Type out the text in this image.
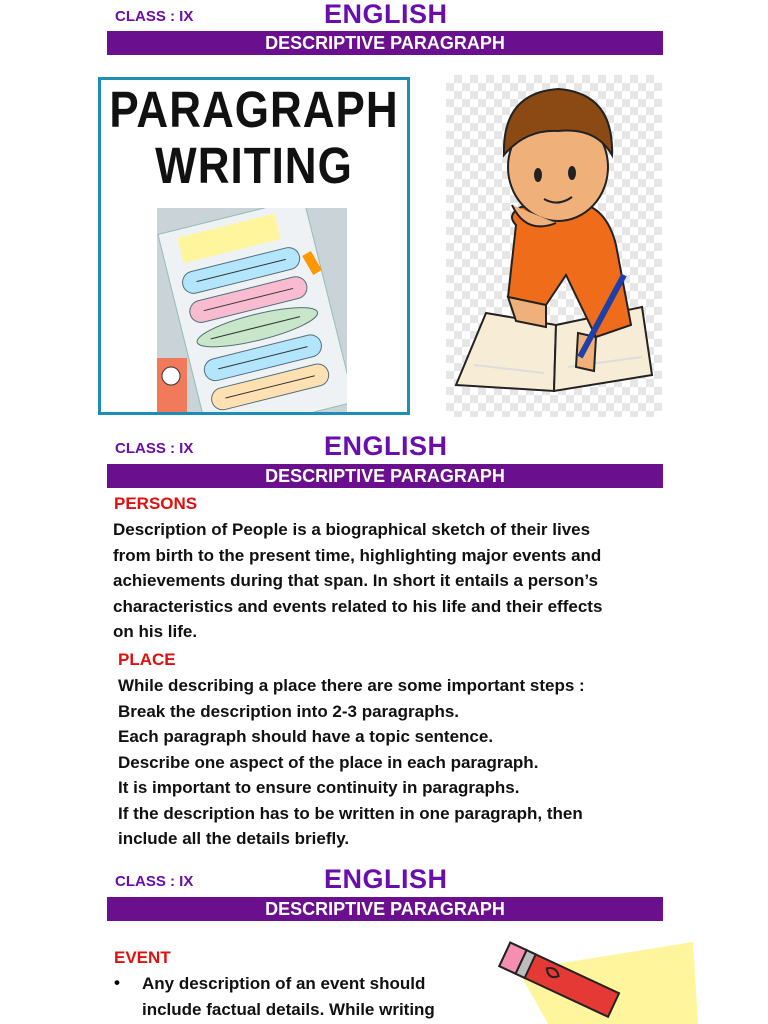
CLASS : IX	ENGLISH
DESCRIPTIVE PARAGRAPH
PARAGRAPH
WRITING
CLASS : IX	ENGLISH
DESCRIPTIVE PARAGRAPH
PERSONS
Description of People is a biographical sketch of their lives
from birth to the present time, highlighting major events and
achievements during that span. In short it entails a person’s
characteristics and events related to his life and their effects
on his life.
PLACE
While describing a place there are some important steps :
Break the description into 2-3 paragraphs.
Each paragraph should have a topic sentence.
Describe one aspect of the place in each paragraph.
It is important to ensure continuity in paragraphs.
If the description has to be written in one paragraph, then
include all the details briefly.
CLASS : IX	ENGLISH
DESCRIPTIVE PARAGRAPH
EVENT
• Any description of an event should
include factual details. While writing
